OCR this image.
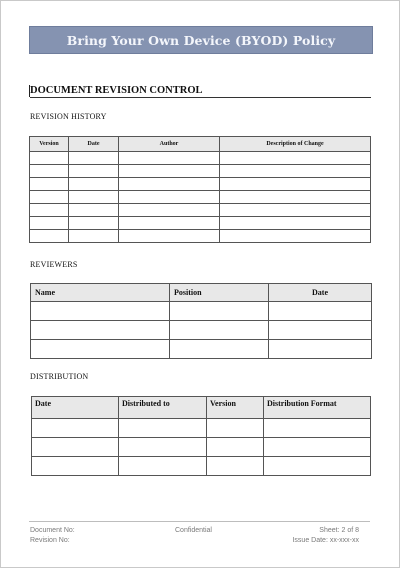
Bring Your Own Device (BYOD) Policy
DOCUMENT REVISION CONTROL
REVISION HISTORY
Version	Date	Author	Description of Change

REVIEWERS
Name	Position	Date

DISTRIBUTION
Date	Distributed to	Version	Distribution Format

Document No:
Revision No:
Confidential	Sheet: 2 of 8
Issue Date: xx-xxx-xx
